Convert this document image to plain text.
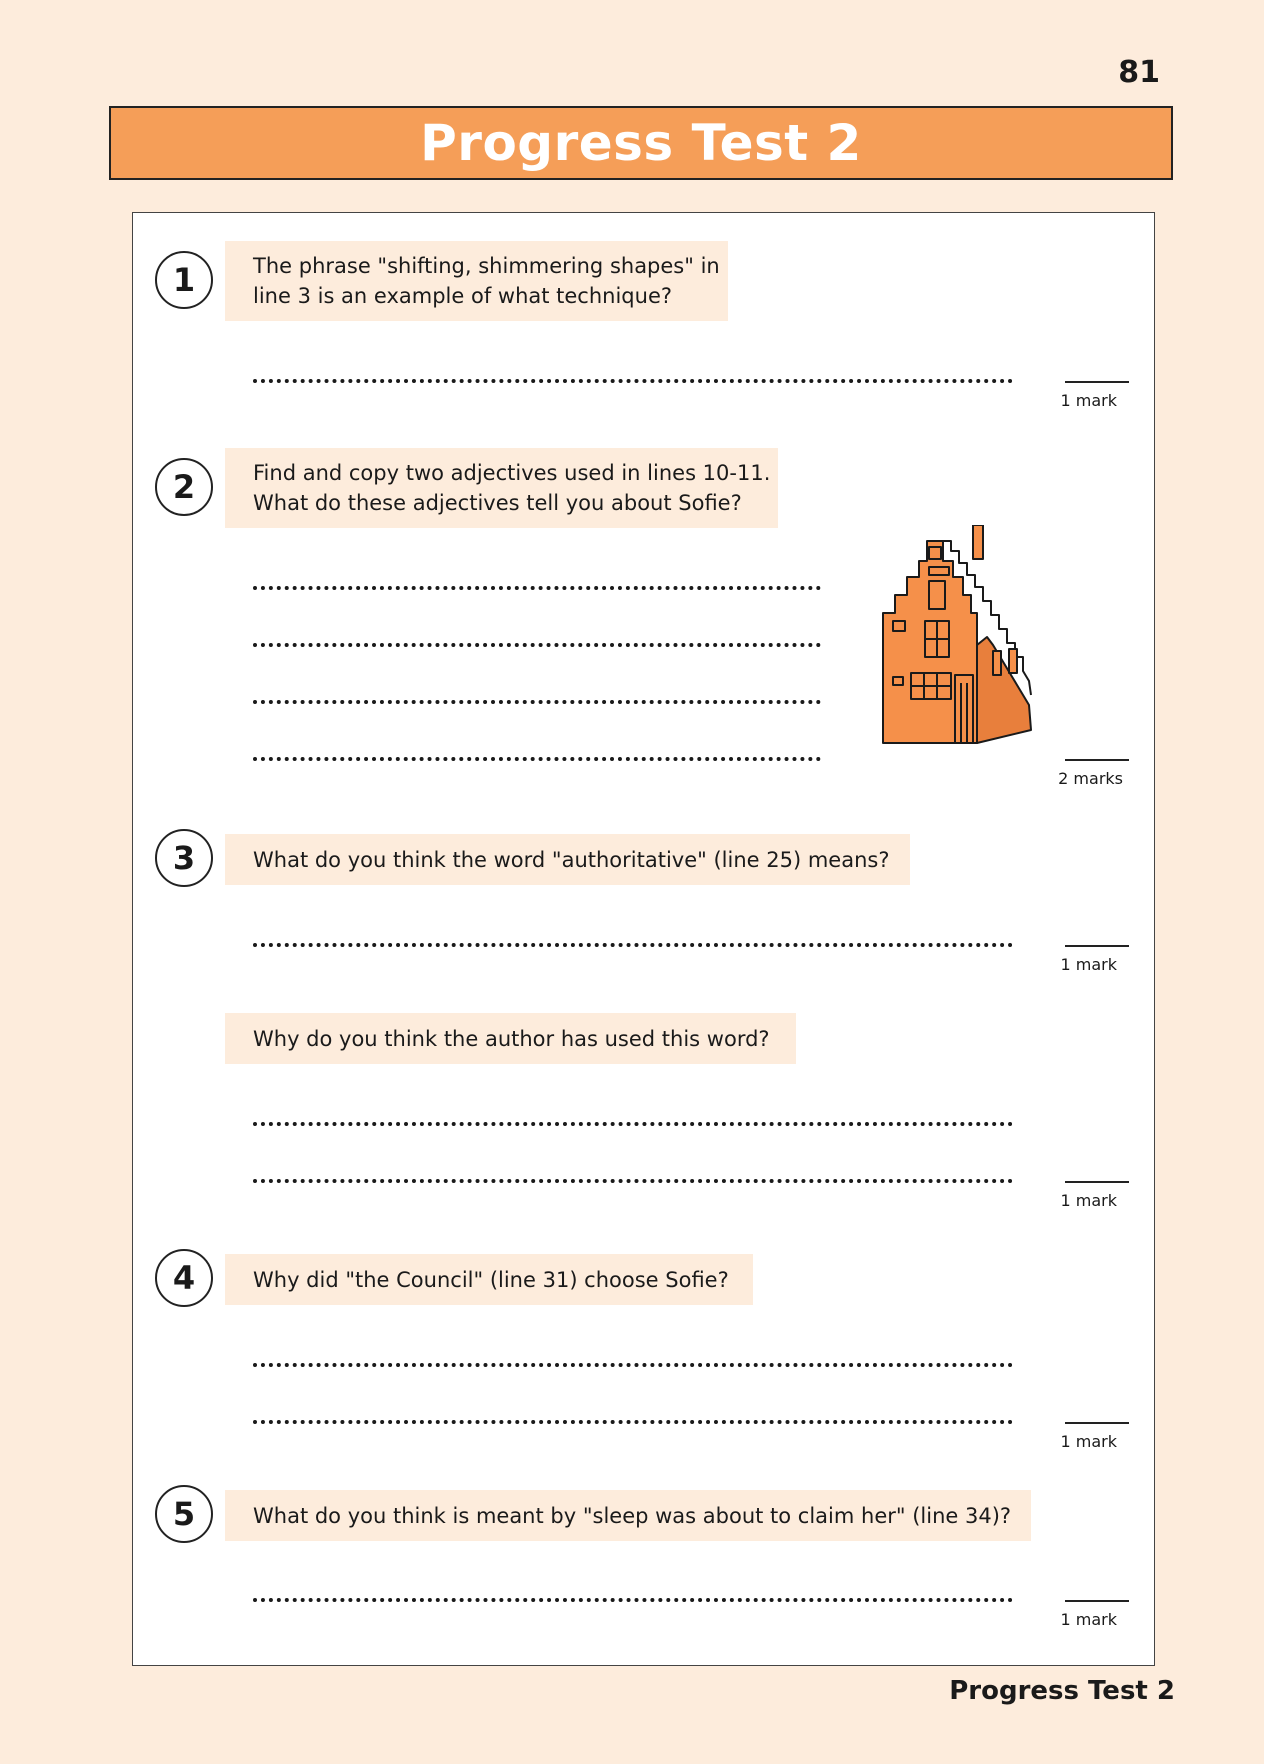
81
Progress Test 2
1	The phrase "shifting, shimmering shapes" in
line 3 is an example of what technique?
1 mark
2	Find and copy two adjectives used in lines 10-11.
What do these adjectives tell you about Sofie?
2 marks
3	What do you think the word "authoritative" (line 25) means?
1 mark
Why do you think the author has used this word?
1 mark
4	Why did "the Council" (line 31) choose Sofie?
1 mark
5	What do you think is meant by "sleep was about to claim her" (line 34)?
1 mark
Progress Test 2
